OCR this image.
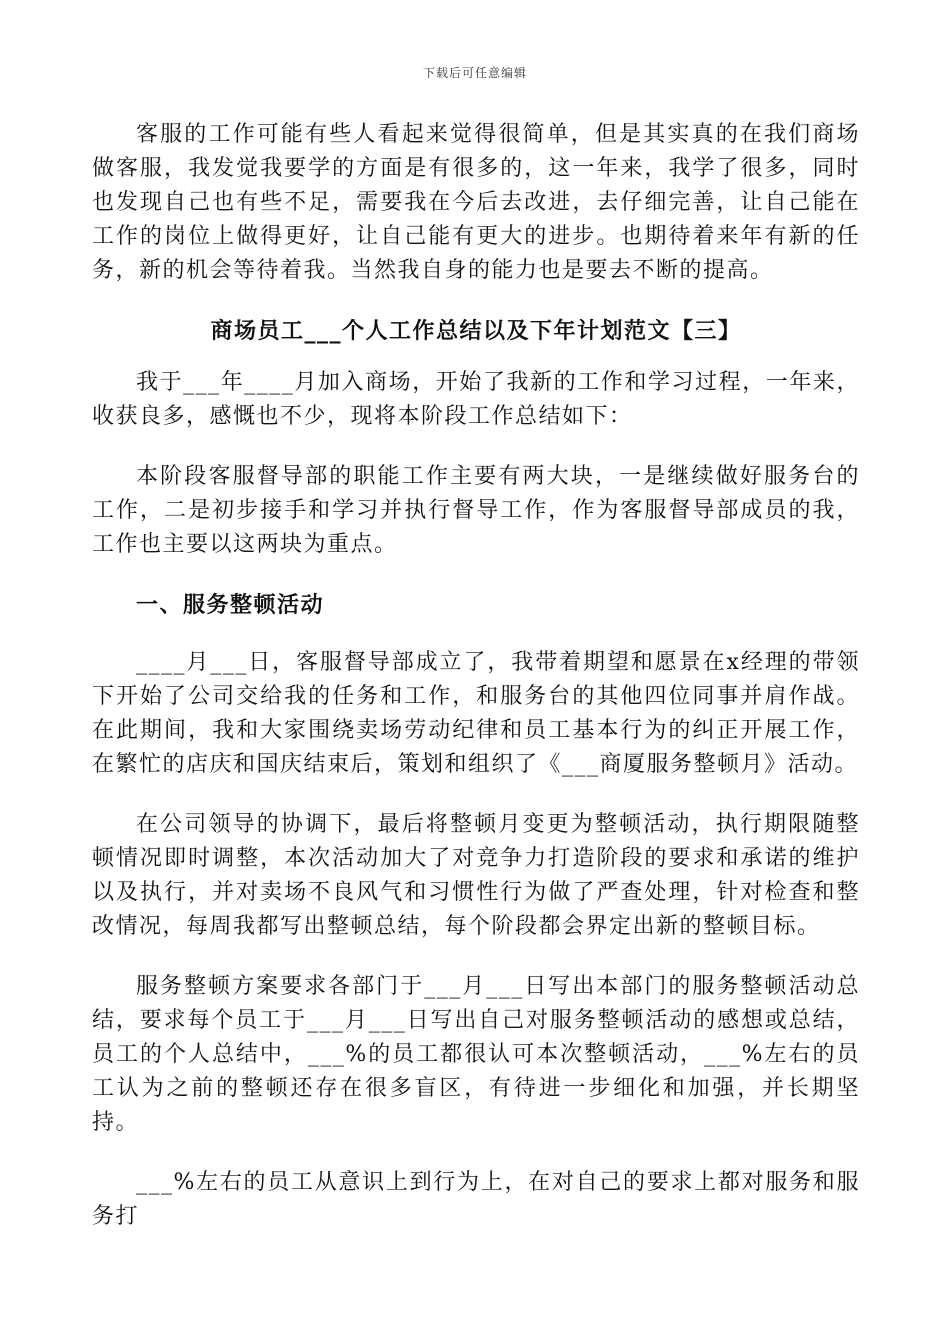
下载后可任意编辑

客服的工作可能有些人看起来觉得很简单，但是其实真的在我们商场做客服，我发觉我要学的方面是有很多的，这一年来，我学了很多，同时也发现自己也有些不足，需要我在今后去改进，去仔细完善，让自己能在工作的岗位上做得更好，让自己能有更大的进步。也期待着来年有新的任务，新的机会等待着我。当然我自身的能力也是要去不断的提高。

商场员工___个人工作总结以及下年计划范文【三】

我于___年____月加入商场，开始了我新的工作和学习过程，一年来，收获良多，感慨也不少，现将本阶段工作总结如下：

本阶段客服督导部的职能工作主要有两大块，一是继续做好服务台的工作，二是初步接手和学习并执行督导工作，作为客服督导部成员的我，工作也主要以这两块为重点。

一、服务整顿活动

____月___日，客服督导部成立了，我带着期望和愿景在x经理的带领下开始了公司交给我的任务和工作，和服务台的其他四位同事并肩作战。在此期间，我和大家围绕卖场劳动纪律和员工基本行为的纠正开展工作，在繁忙的店庆和国庆结束后，策划和组织了《___商厦服务整顿月》活动。

在公司领导的协调下，最后将整顿月变更为整顿活动，执行期限随整顿情况即时调整，本次活动加大了对竞争力打造阶段的要求和承诺的维护以及执行，并对卖场不良风气和习惯性行为做了严查处理，针对检查和整改情况，每周我都写出整顿总结，每个阶段都会界定出新的整顿目标。

服务整顿方案要求各部门于___月___日写出本部门的服务整顿活动总结，要求每个员工于___月___日写出自己对服务整顿活动的感想或总结，员工的个人总结中，___%的员工都很认可本次整顿活动，___%左右的员工认为之前的整顿还存在很多盲区，有待进一步细化和加强，并长期坚持。

___%左右的员工从意识上到行为上，在对自己的要求上都对服务和服务打
